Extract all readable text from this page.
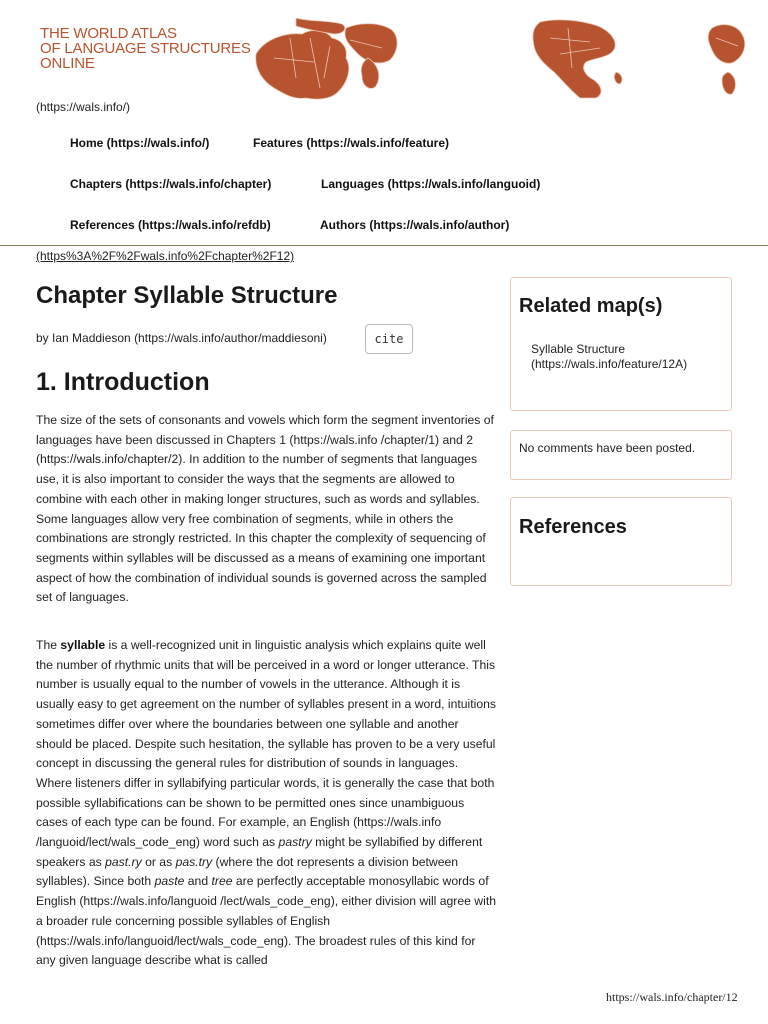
THE WORLD ATLAS
OF LANGUAGE STRUCTURES
ONLINE
(https://wals.info/)
Home (https://wals.info/)	Features (https://wals.info/feature)
Chapters (https://wals.info/chapter)	Languages (https://wals.info/languoid)
References (https://wals.info/refdb)	Authors (https://wals.info/author)
(https%3A%2F%2Fwals.info%2Fchapter%2F12)
Chapter Syllable Structure
by Ian Maddieson (https://wals.info/author/maddiesoni)	cite
1. Introduction
The size of the sets of consonants and vowels which form the segment inventories of languages have been discussed in Chapters 1 (https://wals.info /chapter/1) and 2 (https://wals.info/chapter/2). In addition to the number of segments that languages use, it is also important to consider the ways that the segments are allowed to combine with each other in making longer structures, such as words and syllables. Some languages allow very free combination of segments, while in others the combinations are strongly restricted. In this chapter the complexity of sequencing of segments within syllables will be discussed as a means of examining one important aspect of how the combination of individual sounds is governed across the sampled set of languages.
The syllable is a well-recognized unit in linguistic analysis which explains quite well the number of rhythmic units that will be perceived in a word or longer utterance. This number is usually equal to the number of vowels in the utterance. Although it is usually easy to get agreement on the number of syllables present in a word, intuitions sometimes differ over where the boundaries between one syllable and another should be placed. Despite such hesitation, the syllable has proven to be a very useful concept in discussing the general rules for distribution of sounds in languages. Where listeners differ in syllabifying particular words, it is generally the case that both possible syllabifications can be shown to be permitted ones since unambiguous cases of each type can be found. For example, an English (https://wals.info /languoid/lect/wals_code_eng) word such as pastry might be syllabified by different speakers as past.ry or as pas.try (where the dot represents a division between syllables). Since both paste and tree are perfectly acceptable monosyllabic words of English (https://wals.info/languoid /lect/wals_code_eng), either division will agree with a broader rule concerning possible syllables of English (https://wals.info/languoid/lect/wals_code_eng). The broadest rules of this kind for any given language describe what is called
Related map(s)
Syllable Structure (https://wals.info/feature/12A)
No comments have been posted.
References
https://wals.info/chapter/12
